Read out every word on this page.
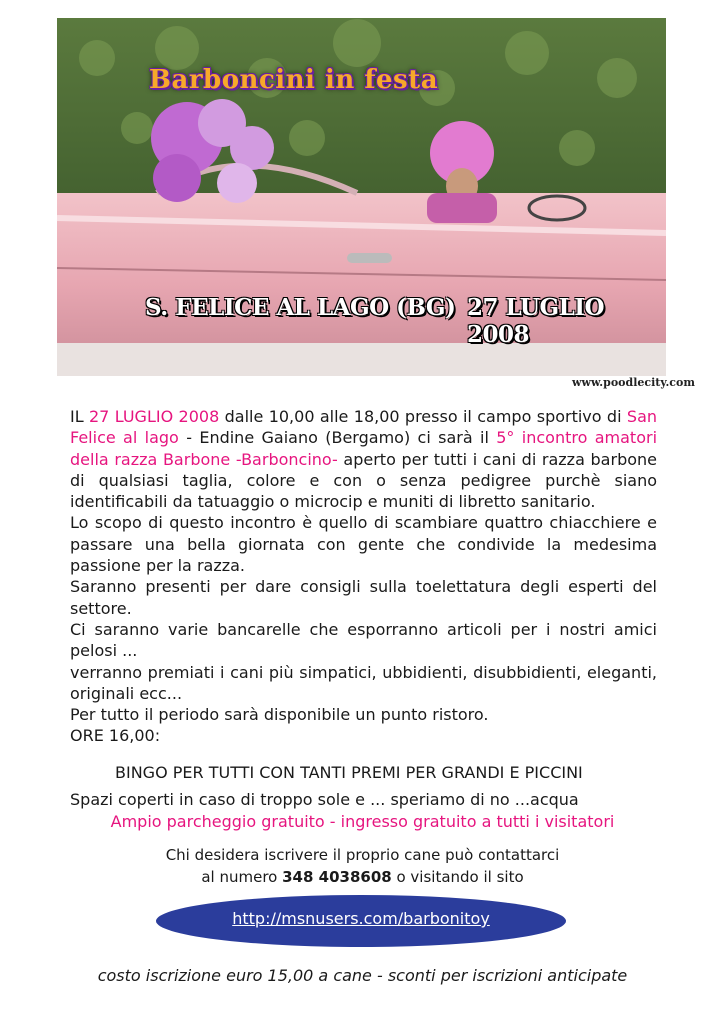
Barboncini in festa
S. FELICE AL LAGO (BG) 27 LUGLIO 2008
www.poodlecity.com

IL 27 LUGLIO 2008 dalle 10,00 alle 18,00 presso il campo sportivo di San Felice al lago - Endine Gaiano (Bergamo) ci sarà il 5° incontro amatori della razza Barbone -Barboncino- aperto per tutti i cani di razza barbone di qualsiasi taglia, colore e con o senza pedigree purchè siano identificabili da tatuaggio o microcip e muniti di libretto sanitario.

Lo scopo di questo incontro è quello di scambiare quattro chiacchiere e passare una bella giornata con gente che condivide la medesima passione per la razza.

Saranno presenti per dare consigli sulla toelettatura degli esperti del settore.

Ci saranno varie bancarelle che esporranno articoli per i nostri amici pelosi ...

verranno premiati i cani più simpatici, ubbidienti, disubbidienti, eleganti, originali ecc...

Per tutto il periodo sarà disponibile un punto ristoro.

ORE 16,00:

BINGO PER TUTTI CON TANTI PREMI PER GRANDI E PICCINI
Spazi coperti in caso di troppo sole e ... speriamo di no ...acqua
Ampio parcheggio gratuito - ingresso gratuito a tutti i visitatori
Chi desidera iscrivere il proprio cane può contattarci
al numero 348 4038608 o visitando il sito
http://msnusers.com/barbonitoy
costo iscrizione euro 15,00 a cane - sconti per iscrizioni anticipate
